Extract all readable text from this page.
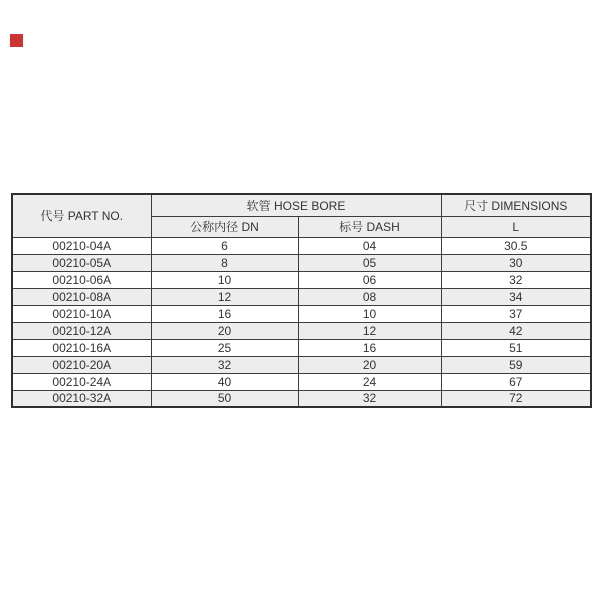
代号 PART NO.	软管 HOSE BORE		尺寸 DIMENSIONS
	公称内径 DN	标号 DASH	L
00210-04A	6	04	30.5
00210-05A	8	05	30
00210-06A	10	06	32
00210-08A	12	08	34
00210-10A	16	10	37
00210-12A	20	12	42
00210-16A	25	16	51
00210-20A	32	20	59
00210-24A	40	24	67
00210-32A	50	32	72
